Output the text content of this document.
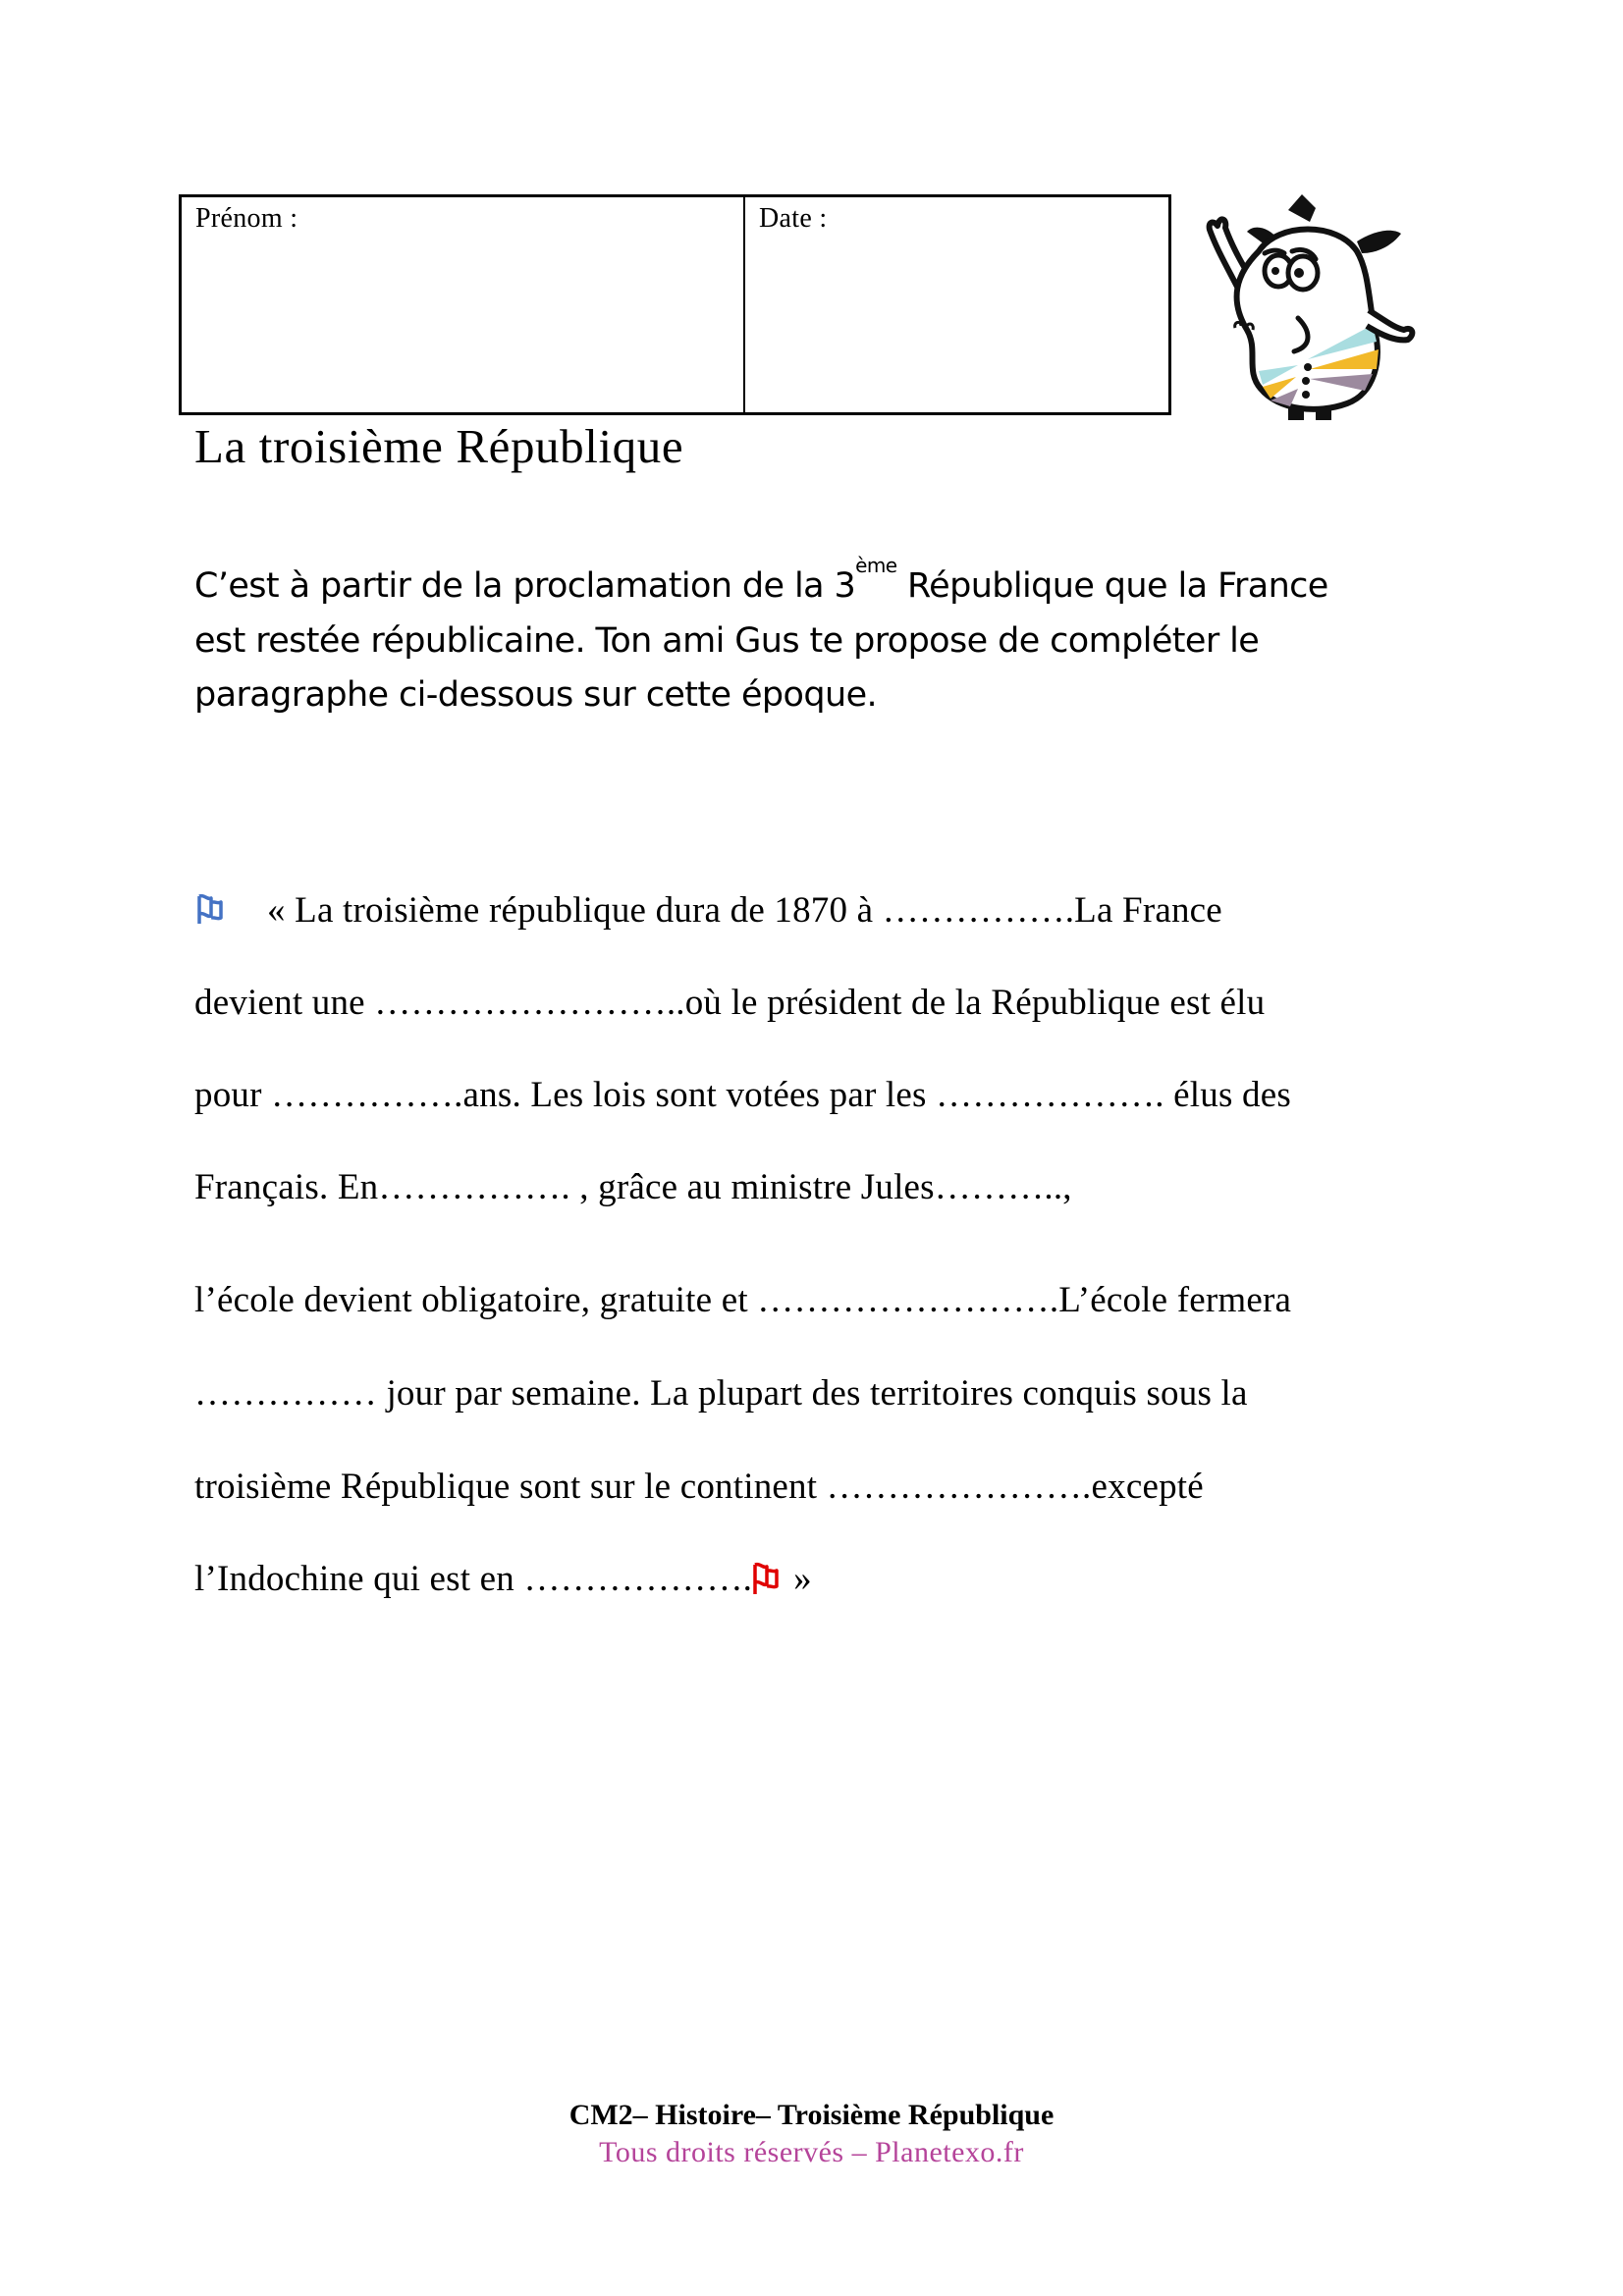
Prénom :	Date :
La troisième République
C’est à partir de la proclamation de la 3ème République que la France
est restée républicaine. Ton ami Gus te propose de compléter le
paragraphe ci-dessous sur cette époque.
« La troisième république dura de 1870 à …………….La France
devient une ……………………..où le président de la République est élu
pour …………….ans. Les lois sont votées par les ………………. élus des
Français. En……………. , grâce au ministre Jules………..,
l’école devient obligatoire, gratuite et …………………….L’école fermera
…………… jour par semaine. La plupart des territoires conquis sous la
troisième République sont sur le continent ………………….excepté
l’Indochine qui est en ………………. »
CM2– Histoire– Troisième République
Tous droits réservés – Planetexo.fr
